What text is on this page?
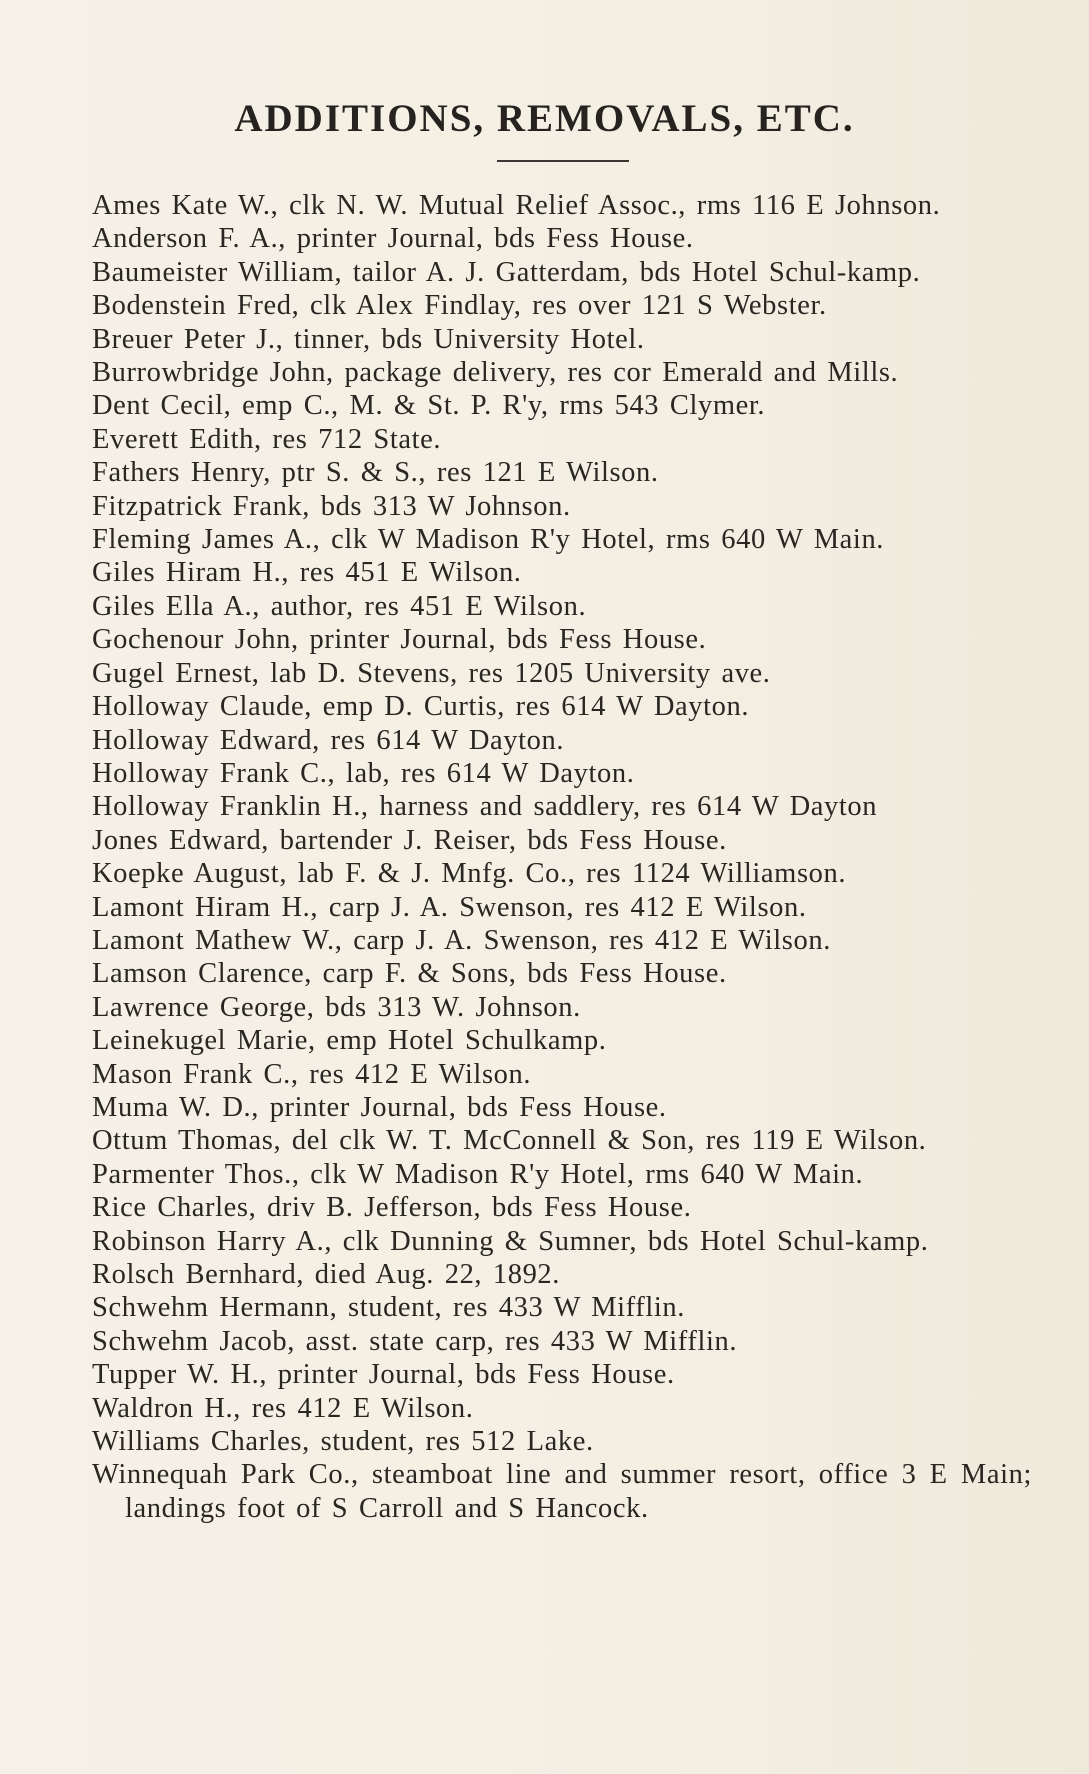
ADDITIONS, REMOVALS, ETC.
Ames Kate W., clk N. W. Mutual Relief Assoc., rms 116 E Johnson.
Anderson F. A., printer Journal, bds Fess House.
Baumeister William, tailor A. J. Gatterdam, bds Hotel Schul-kamp.
Bodenstein Fred, clk Alex Findlay, res over 121 S Webster.
Breuer Peter J., tinner, bds University Hotel.
Burrowbridge John, package delivery, res cor Emerald and Mills.
Dent Cecil, emp C., M. & St. P. R'y, rms 543 Clymer.
Everett Edith, res 712 State.
Fathers Henry, ptr S. & S., res 121 E Wilson.
Fitzpatrick Frank, bds 313 W Johnson.
Fleming James A., clk W Madison R'y Hotel, rms 640 W Main.
Giles Hiram H., res 451 E Wilson.
Giles Ella A., author, res 451 E Wilson.
Gochenour John, printer Journal, bds Fess House.
Gugel Ernest, lab D. Stevens, res 1205 University ave.
Holloway Claude, emp D. Curtis, res 614 W Dayton.
Holloway Edward, res 614 W Dayton.
Holloway Frank C., lab, res 614 W Dayton.
Holloway Franklin H., harness and saddlery, res 614 W Dayton
Jones Edward, bartender J. Reiser, bds Fess House.
Koepke August, lab F. & J. Mnfg. Co., res 1124 Williamson.
Lamont Hiram H., carp J. A. Swenson, res 412 E Wilson.
Lamont Mathew W., carp J. A. Swenson, res 412 E Wilson.
Lamson Clarence, carp F. & Sons, bds Fess House.
Lawrence George, bds 313 W. Johnson.
Leinekugel Marie, emp Hotel Schulkamp.
Mason Frank C., res 412 E Wilson.
Muma W. D., printer Journal, bds Fess House.
Ottum Thomas, del clk W. T. McConnell & Son, res 119 E Wilson.
Parmenter Thos., clk W Madison R'y Hotel, rms 640 W Main.
Rice Charles, driv B. Jefferson, bds Fess House.
Robinson Harry A., clk Dunning & Sumner, bds Hotel Schul-kamp.
Rolsch Bernhard, died Aug. 22, 1892.
Schwehm Hermann, student, res 433 W Mifflin.
Schwehm Jacob, asst. state carp, res 433 W Mifflin.
Tupper W. H., printer Journal, bds Fess House.
Waldron H., res 412 E Wilson.
Williams Charles, student, res 512 Lake.
Winnequah Park Co., steamboat line and summer resort, office 3 E Main; landings foot of S Carroll and S Hancock.
